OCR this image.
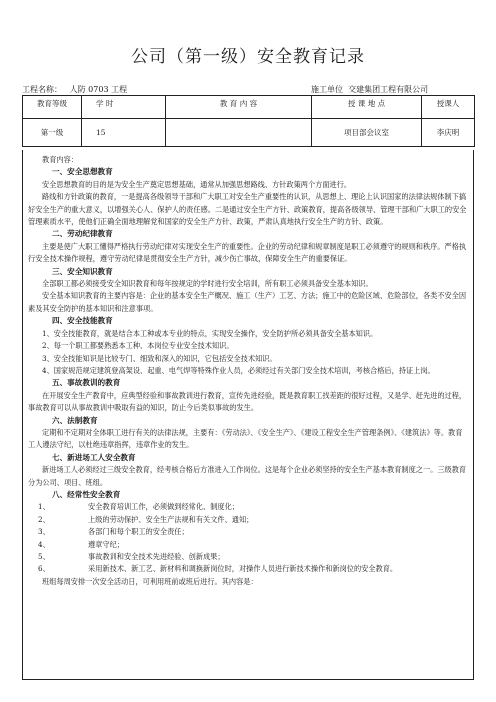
公司（第一级）安全教育记录
工程名称： 人防 0703 工程	施工单位 交建集团工程有限公司
教育等级	学 时	教 育 内 容	授 课 地 点	授课人
第一级	15		项目部会议室	李庆明

教育内容：

一、安全思想教育

安全思想教育的目的是为安全生产奠定思想基础，通常从加强思想路线、方针政策两个方面进行。

路线和方针政策的教育，一是提高各级领导干部和广大职工对安全生产重要性的认识，从思想上、理论上认识国家的法律法规体制下搞好安全生产的重大意义，以增强关心人、保护人的责任感。二是通过安全生产方针、政策教育，提高各级领导、管理干部和广大职工的安全管理素质水平，使他们正确全面地理解党和国家的安全生产方针、政策，严肃认真地执行安全生产的方针、政策。

二、劳动纪律教育

主要是使广大职工懂得严格执行劳动纪律对实现安全生产的重要性。企业的劳动纪律和规章制度是职工必须遵守的规则和秩序。严格执行安全技术操作规程，遵守劳动纪律是贯彻安全生产方针，减少伤亡事故，保障安全生产的重要保证。

三、安全知识教育

全部职工都必须接受安全知识教育和每年按规定的学时进行安全培训，所有职工必须具备安全基本知识。

安全基本知识教育的主要内容是：企业的基本安全生产概况、施工（生产）工艺、方法；施工中的危险区域、危险部位，各类不安全因素及其安全防护的基本知识和注意事项。

四、安全技能教育

1、安全技能教育，就是结合本工种或本专业的特点，实现安全操作，安全防护所必须具备安全基本知识。

2、每一个职工都要熟悉本工种、本岗位专业安全技术知识。

3、安全技能知识是比较专门、细致和深入的知识，它包括安全技术知识。

4、国家规范规定建筑登高架设、起重、电气焊等特殊作业人员，必须经过有关部门安全技术培训，考核合格后，持证上岗。

五、事故教训的教育

在开展安全生产教育中，应典型经验和事故教训进行教育，宣传先进经验，既是教育职工找差距的很好过程，又是学、赶先进的过程，事故教育可以从事故教训中吸取有益的知识，防止今后类似事故的发生。

六、法制教育

定期和不定期对全体职工进行有关的法律法规，主要有：《劳动法》、《安全生产》、《建设工程安全生产管理条例》、《建筑法》等。教育工人遵法守纪，以杜绝违章指挥，违章作业的发生。

七、新进场工人安全教育

新进场工人必须经过三级安全教育，经考核合格后方准进入工作岗位。这是每个企业必须坚持的安全生产基本教育制度之一。三级教育分为公司、项目、班组。

八、经常性安全教育

1、	安全教育培训工作，必须做到经常化、制度化；
2、	上级的劳动保护、安全生产法规和有关文件、通知；
3、	各部门和每个职工的安全责任；
4、	遵章守纪；
5、	事故教训和安全技术先进经验、创新成果；
6、	采用新技术、新工艺、新材料和调换新岗位时，对操作人员进行新技术操作和新岗位的安全教育。

班组每周安排一次安全活动日，可利用班前或班后进行。其内容是：
